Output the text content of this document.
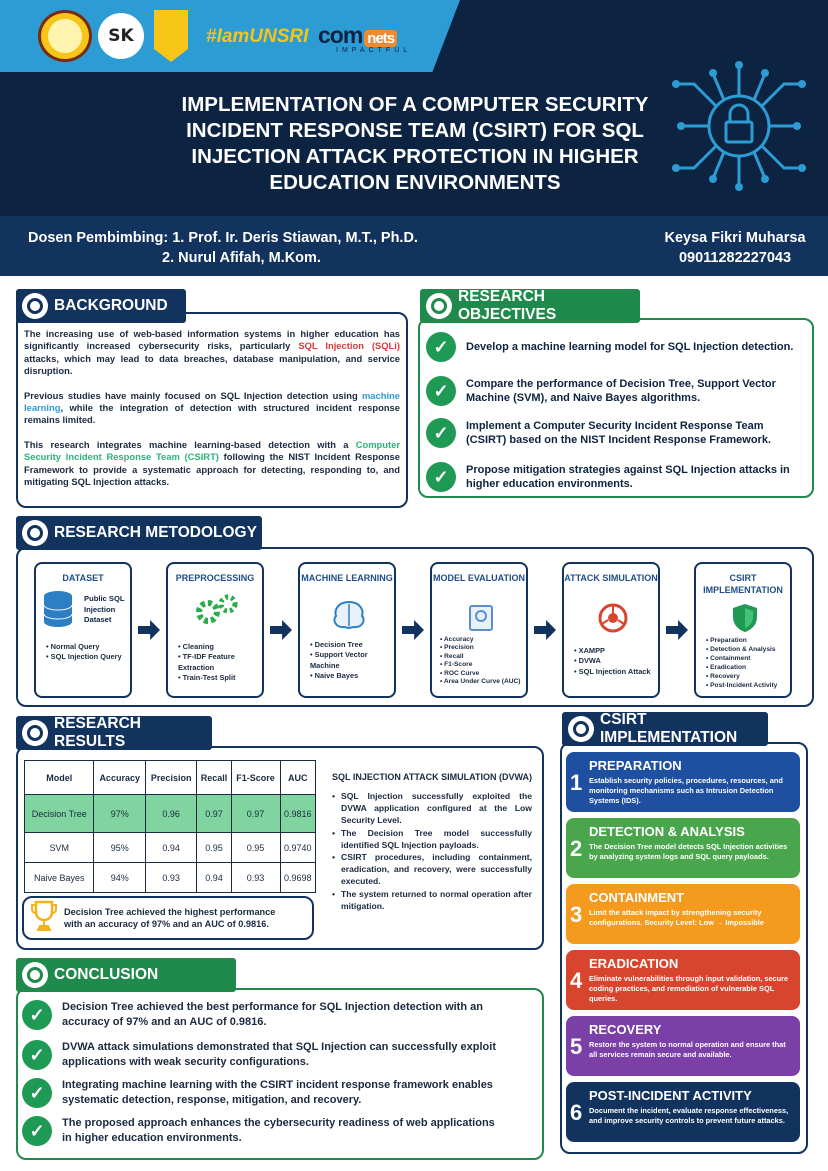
SK	#IamUNSRI com nets
IMPACTFUL
IMPLEMENTATION OF A COMPUTER SECURITY INCIDENT RESPONSE TEAM (CSIRT) FOR SQL INJECTION ATTACK PROTECTION IN HIGHER EDUCATION ENVIRONMENTS
Dosen Pembimbing: 1. Prof. Ir. Deris Stiawan, M.T., Ph.D.
2. Nurul Afifah, M.Kom.
Keysa Fikri Muharsa
09011282227043
BACKGROUND

The increasing use of web-based information systems in higher education has significantly increased cybersecurity risks, particularly SQL Injection (SQLi) attacks, which may lead to data breaches, database manipulation, and service disruption.

Previous studies have mainly focused on SQL Injection detection using machine learning, while the integration of detection with structured incident response remains limited.

This research integrates machine learning-based detection with a Computer Security Incident Response Team (CSIRT) following the NIST Incident Response Framework to provide a systematic approach for detecting, responding to, and mitigating SQL Injection attacks.

RESEARCH OBJECTIVES
✓	Develop a machine learning model for SQL Injection detection.
✓	Compare the performance of Decision Tree, Support Vector Machine (SVM), and Naive Bayes algorithms.
✓	Implement a Computer Security Incident Response Team (CSIRT) based on the NIST Incident Response Framework.
✓	Propose mitigation strategies against SQL Injection attacks in higher education environments.
RESEARCH METODOLOGY
DATASET
Public SQL Injection Dataset
• Normal Query
• SQL Injection Query
PREPROCESSING
• Cleaning
• TF-IDF Feature Extraction
• Train-Test Split
MACHINE LEARNING
• Decision Tree
• Support Vector Machine
• Naive Bayes
MODEL EVALUATION
• Accuracy
• Precision
• Recall
• F1-Score
• ROC Curve
• Area Under Curve (AUC)
ATTACK SIMULATION
• XAMPP
• DVWA
• SQL Injection Attack
CSIRT IMPLEMENTATION
• Preparation
• Detection & Analysis
• Containment
• Eradication
• Recovery
• Post-Incident Activity
RESEARCH RESULTS
Model	Accuracy	Precision	Recall	F1-Score	AUC
Decision Tree	97%	0.96	0.97	0.97	0.9816
SVM	95%	0.94	0.95	0.95	0.9740
Naive Bayes	94%	0.93	0.94	0.93	0.9698
Decision Tree achieved the highest performance with an accuracy of 97% and an AUC of 0.9816.
SQL INJECTION ATTACK SIMULATION (DVWA)
• SQL Injection successfully exploited the DVWA application configured at the Low Security Level.
• The Decision Tree model successfully identified SQL Injection payloads.
• CSIRT procedures, including containment, eradication, and recovery, were successfully executed.
• The system returned to normal operation after mitigation.
CONCLUSION
✓	Decision Tree achieved the best performance for SQL Injection detection with an accuracy of 97% and an AUC of 0.9816.
✓	DVWA attack simulations demonstrated that SQL Injection can successfully exploit applications with weak security configurations.
✓	Integrating machine learning with the CSIRT incident response framework enables systematic detection, response, mitigation, and recovery.
✓	The proposed approach enhances the cybersecurity readiness of web applications in higher education environments.
CSIRT IMPLEMENTATION
1
PREPARATION
Establish security policies, procedures, resources, and monitoring mechanisms such as Intrusion Detection Systems (IDS).
2
DETECTION & ANALYSIS
The Decision Tree model detects SQL Injection activities by analyzing system logs and SQL query payloads.
3
CONTAINMENT
Limit the attack impact by strengthening security configurations. Security Level: Low → Impossible
4
ERADICATION
Eliminate vulnerabilities through input validation, secure coding practices, and remediation of vulnerable SQL queries.
5
RECOVERY
Restore the system to normal operation and ensure that all services remain secure and available.
6
POST-INCIDENT ACTIVITY
Document the incident, evaluate response effectiveness, and improve security controls to prevent future attacks.
